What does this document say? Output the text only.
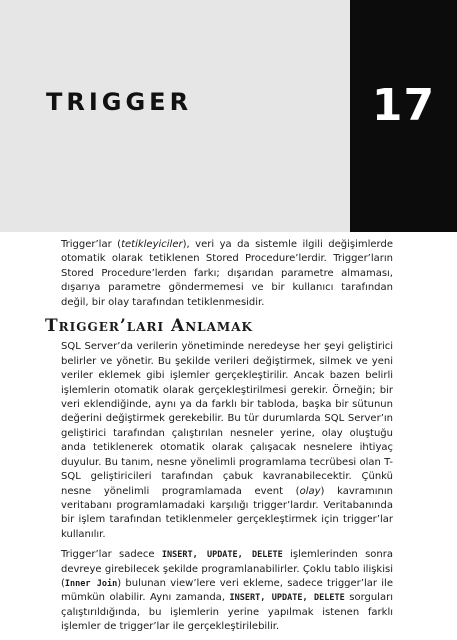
TRIGGER	17

Trigger’lar (tetikleyiciler), veri ya da sistemle ilgili değişimlerde otomatik olarak tetiklenen Stored Procedure’lerdir. Trigger’ların Stored Procedure’lerden farkı; dışarıdan parametre almaması, dışarıya parametre göndermemesi ve bir kullanıcı tarafından değil, bir olay tarafından tetiklenmesidir.

Trigger’ları Anlamak

SQL Server’da verilerin yönetiminde neredeyse her şeyi geliştirici belirler ve yönetir. Bu şekilde verileri değiştirmek, silmek ve yeni veriler eklemek gibi işlemler gerçekleştirilir. Ancak bazen belirli işlemlerin otomatik olarak gerçekleştirilmesi gerekir. Örneğin; bir veri eklendiğinde, aynı ya da farklı bir tabloda, başka bir sütunun değerini değiştirmek gerekebilir. Bu tür durumlarda SQL Server’ın geliştirici tarafından çalıştırılan nesneler yerine, olay oluştuğu anda tetiklenerek otomatik olarak çalışacak nesnelere ihtiyaç duyulur. Bu tanım, nesne yönelimli programlama tecrübesi olan T-SQL geliştiricileri tarafından çabuk kavranabilecektir. Çünkü nesne yönelimli programlamada event (olay) kavramının veritabanı programlamadaki karşılığı trigger’lardır. Veritabanında bir işlem tarafından tetiklenmeler gerçekleştirmek için trigger’lar kullanılır.

Trigger’lar sadece INSERT, UPDATE, DELETE işlemlerinden sonra devreye girebilecek şekilde programlanabilirler. Çoklu tablo ilişkisi (Inner Join) bulunan view’lere veri ekleme, sadece trigger’lar ile mümkün olabilir. Aynı zamanda, INSERT, UPDATE, DELETE sorguları çalıştırıldığında, bu işlemlerin yerine yapılmak istenen farklı işlemler de trigger’lar ile gerçekleştirilebilir.
